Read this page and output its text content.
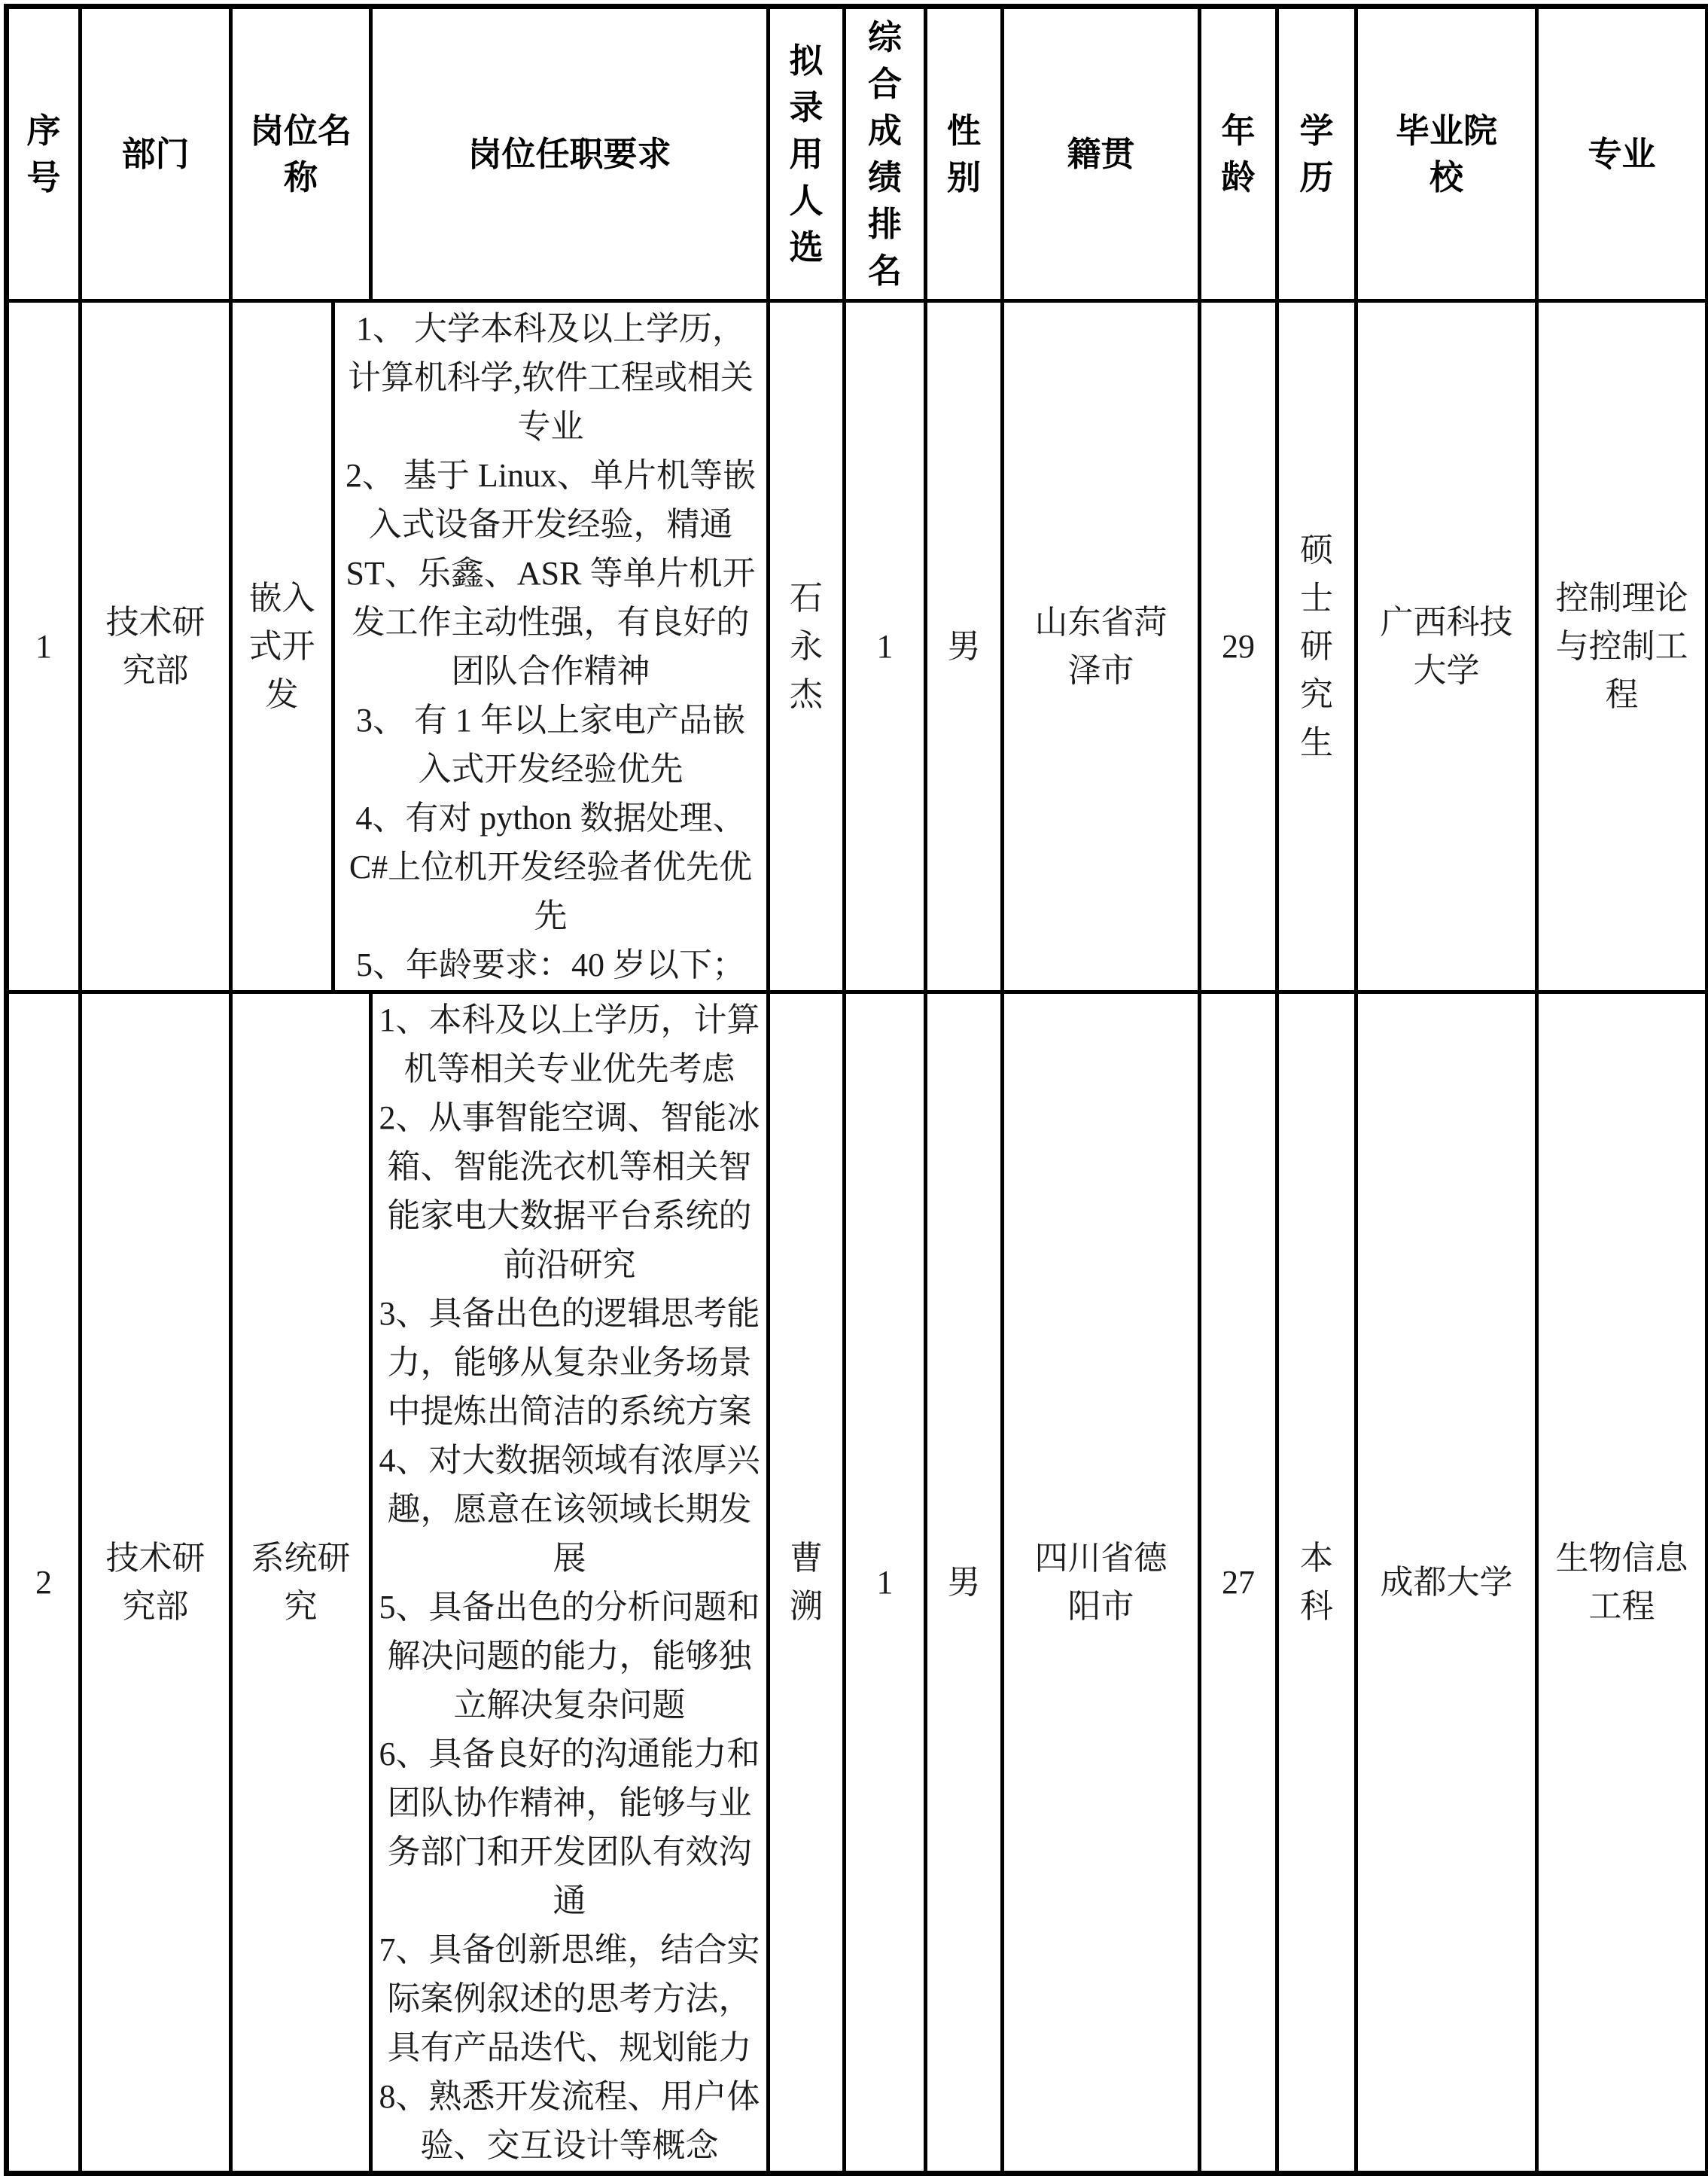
序
号
部门
岗位名称
岗位任职要求
拟
录
用
人
选
综
合
成
绩
排
名
性
别
籍贯
年
龄
学
历
毕业院校
专业
1
技术研究部
嵌入式开发

1、 大学本科及以上学历，计算机科学,软件工程或相关专业

2、 基于 Linux、单片机等嵌入式设备开发经验，精通 ST、乐鑫、ASR 等单片机开发工作主动性强，有良好的团队合作精神

3、 有 1 年以上家电产品嵌入式开发经验优先

4、有对 python 数据处理、C#上位机开发经验者优先优先

5、年龄要求：40 岁以下；

石
永
杰
1	男
山东省菏泽市
29
硕
士
研
究
生
广西科技大学
控制理论与控制工程
2
技术研究部
系统研究

1、本科及以上学历，计算机等相关专业优先考虑

2、从事智能空调、智能冰箱、智能洗衣机等相关智能家电大数据平台系统的前沿研究

3、具备出色的逻辑思考能力，能够从复杂业务场景中提炼出简洁的系统方案

4、对大数据领域有浓厚兴趣，愿意在该领域长期发展

5、具备出色的分析问题和解决问题的能力，能够独立解决复杂问题

6、具备良好的沟通能力和团队协作精神，能够与业务部门和开发团队有效沟通

7、具备创新思维，结合实际案例叙述的思考方法，具有产品迭代、规划能力

8、熟悉开发流程、用户体验、交互设计等概念

曹
溯
1	男
四川省德阳市
27
本
科
成都大学
生物信息工程
